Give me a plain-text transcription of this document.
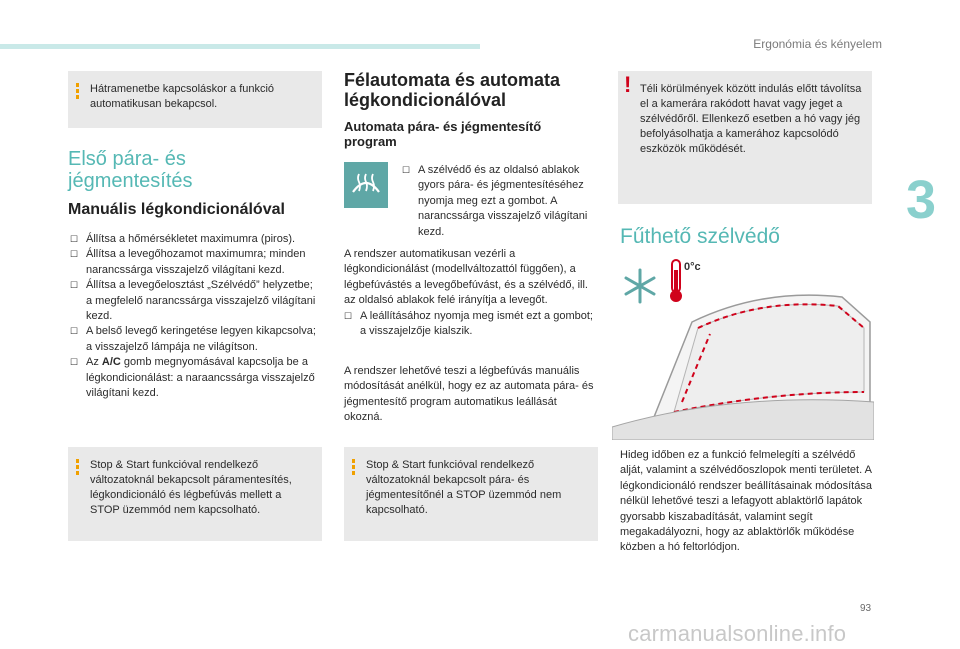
Ergonómia és kényelem
3
93
carmanualsonline.info
Hátramenetbe kapcsoláskor a funkció automatikusan bekapcsol.
Első pára- és
jégmentesítés
Manuális légkondicionálóval

☐ Állítsa a hőmérsékletet maximumra (piros).

☐ Állítsa a levegőhozamot maximumra; minden narancssárga visszajelző világítani kezd.

☐ Állítsa a levegőelosztást „Szélvédő” helyzetbe; a megfelelő narancssárga visszajelző világítani kezd.

☐ A belső levegő keringetése legyen kikapcsolva; a visszajelző lámpája ne világítson.

☐ Az A/C gomb megnyomásával kapcsolja be a légkondicionálást: a naraancssárga visszajelző világítani kezd.

Stop & Start funkcióval rendelkező változatoknál bekapcsolt páramentesítés, légkondicionáló és légbefúvás mellett a STOP üzemmód nem kapcsolható.
Félautomata és automata
légkondicionálóval
Automata pára- és jégmentesítő
program

☐ A szélvédő és az oldalsó ablakok gyors pára- és jégmentesítéséhez nyomja meg ezt a gombot. A narancssárga visszajelző világítani kezd.

A rendszer automatikusan vezérli a légkondicionálást (modellváltozattól függően), a légbefúvástés a levegőbefúvást, és a szélvédő, ill. az oldalsó ablakok felé irányítja a levegőt.

☐ A leállításához nyomja meg ismét ezt a gombot; a visszajelzője kialszik.

A rendszer lehetővé teszi a légbefúvás manuális módosítását anélkül, hogy ez az automata pára- és jégmentesítő program automatikus leállását okozná.
Stop & Start funkcióval rendelkező változatoknál bekapcsolt pára- és jégmentesítőnél a STOP üzemmód nem kapcsolható.
! Téli körülmények között indulás előtt távolítsa el a kamerára rakódott havat vagy jeget a szélvédőről. Ellenkező esetben a hó vagy jég befolyásolhatja a kamerához kapcsolódó eszközök működését.
Fűthető szélvédő
0°c
Hideg időben ez a funkció felmelegíti a szélvédő alját, valamint a szélvédőoszlopok menti területet. A légkondicionáló rendszer beállításainak módosítása nélkül lehetővé teszi a lefagyott ablaktörlő lapátok gyorsabb kiszabadítását, valamint segít megakadályozni, hogy az ablaktörlők működése közben a hó feltorlódjon.
